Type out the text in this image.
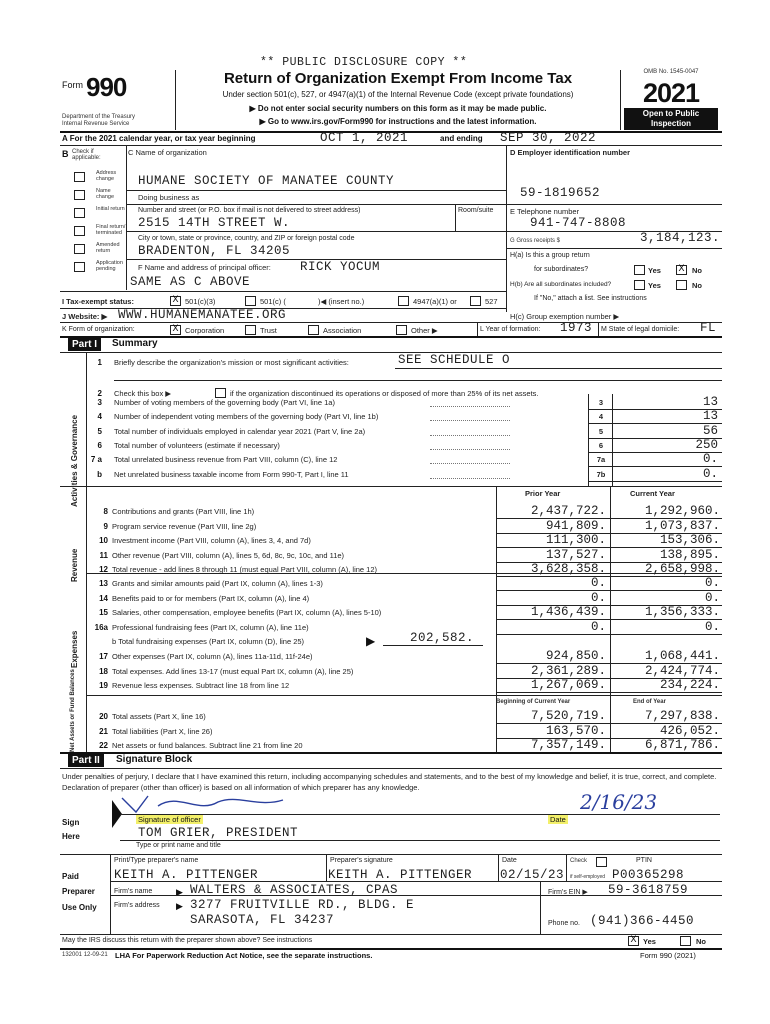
** PUBLIC DISCLOSURE COPY **
Form 990
Department of the Treasury
Internal Revenue Service
Return of Organization Exempt From Income Tax
Under section 501(c), 527, or 4947(a)(1) of the Internal Revenue Code (except private foundations)
▶ Do not enter social security numbers on this form as it may be made public.
▶ Go to www.irs.gov/Form990 for instructions and the latest information.
OMB No. 1545-0047
2021
Open to Public
Inspection
A For the 2021 calendar year, or tax year beginning	OCT 1, 2021	and ending SEP 30, 2022
B Check if applicable:
Address change
Name change
Initial return
Final return/ terminated
Amended return
Application pending
C Name of organization
HUMANE SOCIETY OF MANATEE COUNTY
Doing business as
Number and street (or P.O. box if mail is not delivered to street address)	Room/suite
2515 14TH STREET W.
City or town, state or province, country, and ZIP or foreign postal code
BRADENTON, FL 34205
F Name and address of principal officer: RICK YOCUM
SAME AS C ABOVE
D Employer identification number
59-1819652
E Telephone number
941-747-8808
G Gross receipts $	3,184,123.
H(a) Is this a group return
for subordinates?	Yes X	No
H(b) Are all subordinates included?	Yes	No
If "No," attach a list. See instructions
I Tax-exempt status:	X 501(c)(3)	501(c) (	)◀ (insert no.)	4947(a)(1) or	527
J Website: ▶ WWW.HUMANEMANATEE.ORG	H(c) Group exemption number ▶
K Form of organization:	X Corporation	Trust	Association	Other ▶	L Year of formation: 1973 M State of legal domicile: FL
Part I	Summary
Activities & Governance
1 Briefly describe the organization's mission or most significant activities:	SEE SCHEDULE O
2 Check this box ▶	if the organization discontinued its operations or disposed of more than 25% of its net assets.
3 Number of voting members of the governing body (Part VI, line 1a)	3	13
4 Number of independent voting members of the governing body (Part VI, line 1b)	4	13
5 Total number of individuals employed in calendar year 2021 (Part V, line 2a)	5	56
6 Total number of volunteers (estimate if necessary)	6	250
7 a Total unrelated business revenue from Part VIII, column (C), line 12	7a	0.
b Net unrelated business taxable income from Form 990-T, Part I, line 11	7b	0.
Prior Year	Current Year
Revenue
8 Contributions and grants (Part VIII, line 1h)	2,437,722.	1,292,960.
9 Program service revenue (Part VIII, line 2g)	941,809.	1,073,837.
10 Investment income (Part VIII, column (A), lines 3, 4, and 7d)	111,300.	153,306.
11 Other revenue (Part VIII, column (A), lines 5, 6d, 8c, 9c, 10c, and 11e)	137,527.	138,895.
12 Total revenue - add lines 8 through 11 (must equal Part VIII, column (A), line 12)	3,628,358.	2,658,998.
Expenses
13 Grants and similar amounts paid (Part IX, column (A), lines 1-3)	0.	0.
14 Benefits paid to or for members (Part IX, column (A), line 4)	0.	0.
15 Salaries, other compensation, employee benefits (Part IX, column (A), lines 5-10)	1,436,439.	1,356,333.
16a Professional fundraising fees (Part IX, column (A), line 11e)	0.	0.
b Total fundraising expenses (Part IX, column (D), line 25)	▶	202,582.
17 Other expenses (Part IX, column (A), lines 11a-11d, 11f-24e)	924,850.	1,068,441.
18 Total expenses. Add lines 13-17 (must equal Part IX, column (A), line 25)	2,361,289.	2,424,774.
19 Revenue less expenses. Subtract line 18 from line 12	1,267,069.	234,224.
Beginning of Current Year	End of Year
Net Assets or Fund Balances	20 Total assets (Part X, line 16)	7,520,719.	7,297,838.
21 Total liabilities (Part X, line 26)	163,570.	426,052.
22 Net assets or fund balances. Subtract line 21 from line 20	7,357,149.	6,871,786.
Part II	Signature Block
Under penalties of perjury, I declare that I have examined this return, including accompanying schedules and statements, and to the best of my knowledge and belief, it is true, correct, and complete. Declaration of preparer (other than officer) is based on all information of which preparer has any knowledge.
Sign
Here
Signature of officer	Date
2/16/23
TOM GRIER, PRESIDENT
Type or print name and title
Paid
Preparer
Use Only
Print/Type preparer's name
KEITH A. PITTENGER
Preparer's signature
KEITH A. PITTENGER
Date
02/15/23
Check
if self-employed
PTIN
P00365298
Firm's name	▶ WALTERS & ASSOCIATES, CPAS	Firm's EIN ▶ 59-3618759
Firm's address ▶ 3277 FRUITVILLE RD., BLDG. E
SARASOTA, FL 34237	Phone no. (941)366-4450
May the IRS discuss this return with the preparer shown above? See instructions	X Yes	No
132001 12-09-21 LHA For Paperwork Reduction Act Notice, see the separate instructions.	Form 990 (2021)
